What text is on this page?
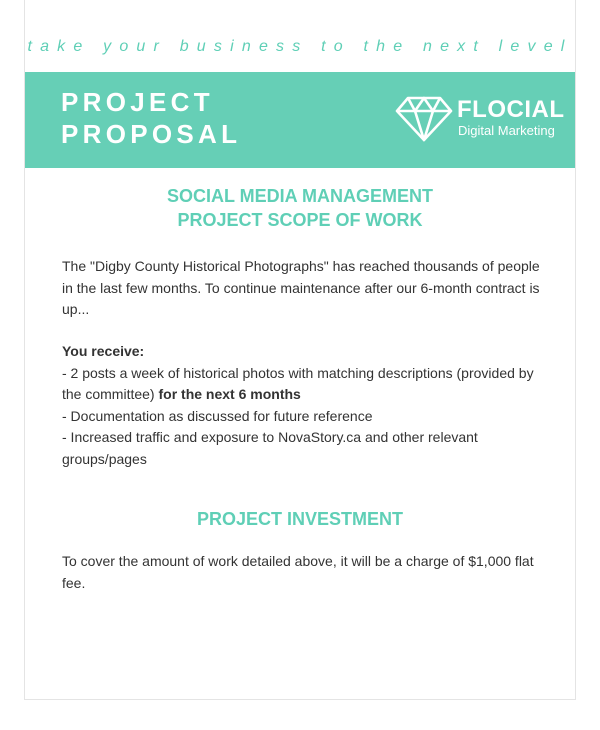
take your business to the next level
PROJECT
PROPOSAL
FLOCIAL
Digital Marketing
SOCIAL MEDIA MANAGEMENT
PROJECT SCOPE OF WORK

The "Digby County Historical Photographs" has reached thousands of people in the last few months. To continue maintenance after our 6-month contract is up...

You receive:
- 2 posts a week of historical photos with matching descriptions (provided by the committee) for the next 6 months
- Documentation as discussed for future reference
- Increased traffic and exposure to NovaStory.ca and other relevant groups/pages
PROJECT INVESTMENT

To cover the amount of work detailed above, it will be a charge of $1,000 flat fee.
